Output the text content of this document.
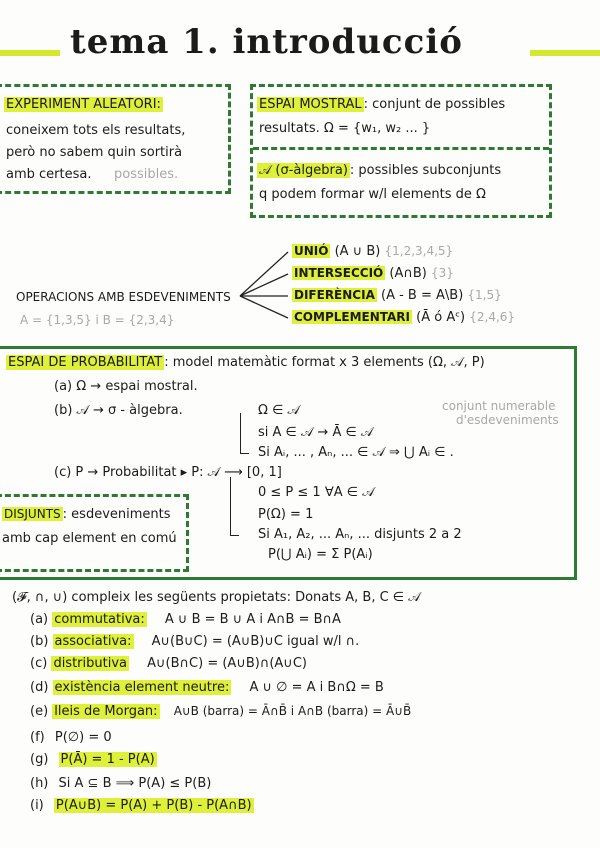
tema 1. introducció
EXPERIMENT ALEATORI:
coneixem tots els resultats,
però no sabem quin sortirà
amb certesa. possibles.
ESPAI MOSTRAL : conjunt de possibles
resultats. Ω = {w₁, w₂ ... }
𝒜 (σ-àlgebra) : possibles subconjunts
q podem formar w/l elements de Ω
OPERACIONS AMB ESDEVENIMENTS
A = {1,3,5} i B = {2,3,4}
UNIÓ (A ∪ B) {1,2,3,4,5}
INTERSECCIÓ (A∩B) {3}
DIFERÈNCIA (A - B = A\B) {1,5}
COMPLEMENTARI (Ā ó Aᶜ) {2,4,6}
ESPAI DE PROBABILITAT : model matemàtic format x 3 elements (Ω, 𝒜, P)
(a) Ω → espai mostral.
(b) 𝒜 → σ - àlgebra.	Ω ∈ 𝒜
si A ∈ 𝒜 → Ā ∈ 𝒜
Si Aᵢ, ... , Aₙ, ... ∈ 𝒜 ⇒ ⋃ Aᵢ ∈ .
conjunt numerable
d'esdeveniments
(c) P → Probabilitat ▸ P: 𝒜 ⟶ [0, 1]
0 ≤ P ≤ 1 ∀A ∈ 𝒜
P(Ω) = 1
Si A₁, A₂, ... Aₙ, ... disjunts 2 a 2
P(⋃ Aᵢ) = Σ P(Aᵢ)
DISJUNTS : esdeveniments
amb cap element en comú
(𝓕, ∩, ∪) compleix les següents propietats: Donats A, B, C ∈ 𝒜
(a) commutativa: A ∪ B = B ∪ A i A∩B = B∩A
(b) associativa: A∪(B∪C) = (A∪B)∪C igual w/l ∩.
(c) distributiva A∪(B∩C) = (A∪B)∩(A∪C)
(d) existència element neutre: A ∪ ∅ = A i B∩Ω = B
(e) lleis de Morgan: A∪B (barra) = Ā∩B̄ i A∩B (barra) = Ā∪B̄
(f) P(∅) = 0
(g) P(Ā) = 1 - P(A)
(h) Si A ⊆ B ⟹ P(A) ≤ P(B)
(i) P(A∪B) = P(A) + P(B) - P(A∩B)
